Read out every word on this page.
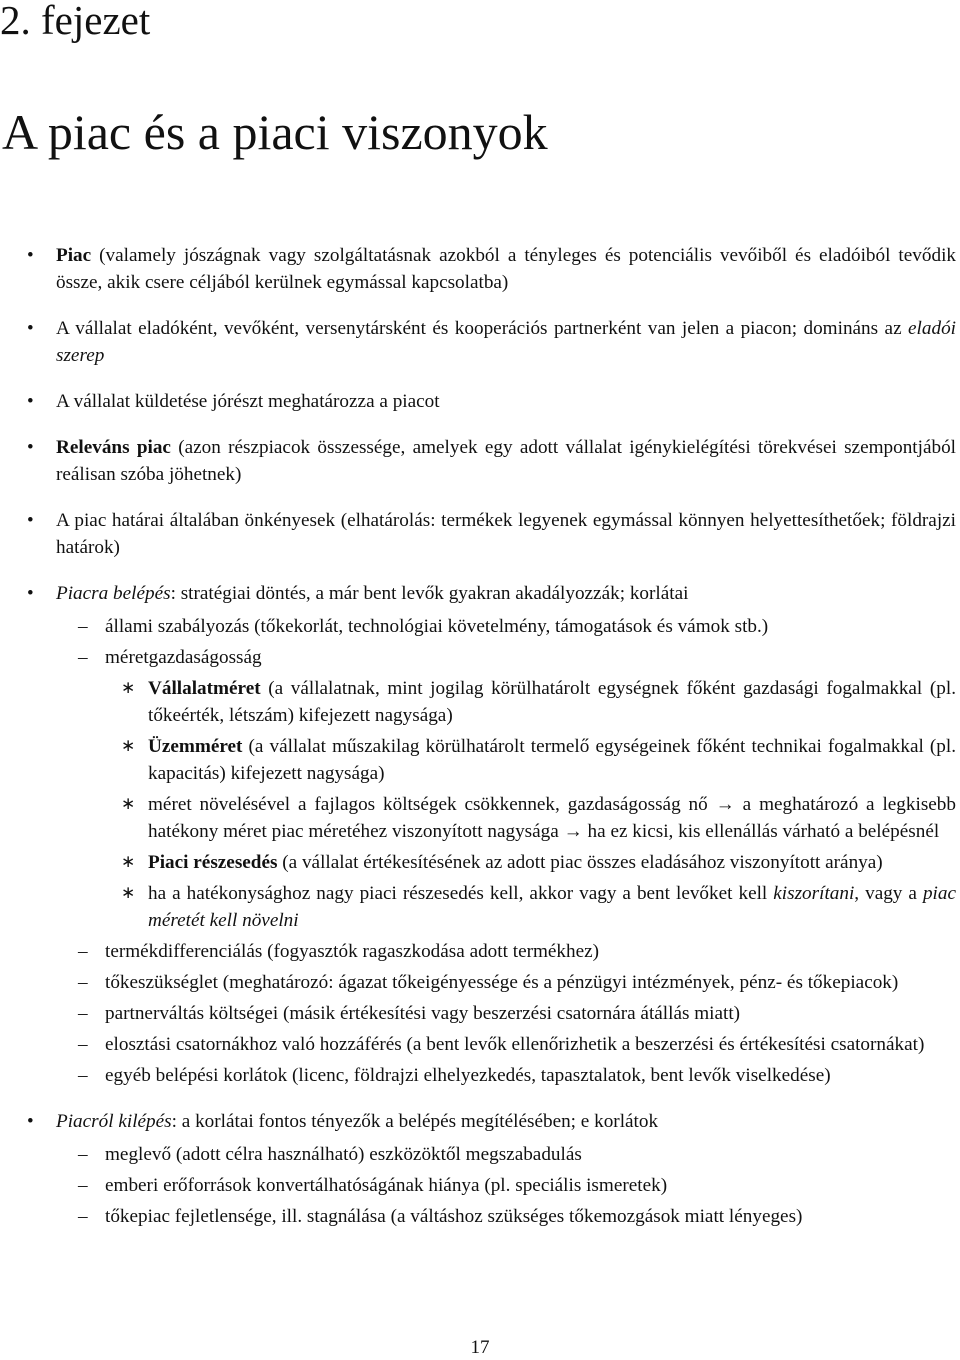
2. fejezet
A piac és a piaci viszonyok
• Piac (valamely jószágnak vagy szolgáltatásnak azokból a tényleges és potenciális vevőiből és eladóiból tevődik össze, akik csere céljából kerülnek egymással kapcsolatba)
• A vállalat eladóként, vevőként, versenytársként és kooperációs partnerként van jelen a piacon; domináns az eladói szerep
• A vállalat küldetése jórészt meghatározza a piacot
• Releváns piac (azon részpiacok összessége, amelyek egy adott vállalat igénykielégítési törekvései szempontjából reálisan szóba jöhetnek)
• A piac határai általában önkényesek (elhatárolás: termékek legyenek egymással könnyen helyettesíthetőek; földrajzi határok)
• Piacra belépés: stratégiai döntés, a már bent levők gyakran akadályozzák; korlátai
– állami szabályozás (tőkekorlát, technológiai követelmény, támogatások és vámok stb.)
– méretgazdaságosság
∗ Vállalatméret (a vállalatnak, mint jogilag körülhatárolt egységnek főként gazdasági fogalmakkal (pl. tőkeérték, létszám) kifejezett nagysága)
∗ Üzemméret (a vállalat műszakilag körülhatárolt termelő egységeinek főként technikai fogalmakkal (pl. kapacitás) kifejezett nagysága)
∗ méret növelésével a fajlagos költségek csökkennek, gazdaságosság nő → a meghatározó a legkisebb hatékony méret piac méretéhez viszonyított nagysága → ha ez kicsi, kis ellenállás várható a belépésnél
∗ Piaci részesedés (a vállalat értékesítésének az adott piac összes eladásához viszonyított aránya)
∗ ha a hatékonysághoz nagy piaci részesedés kell, akkor vagy a bent levőket kell kiszorítani, vagy a piac méretét kell növelni
– termékdifferenciálás (fogyasztók ragaszkodása adott termékhez)
– tőkeszükséglet (meghatározó: ágazat tőkeigényessége és a pénzügyi intézmények, pénz- és tőkepiacok)
– partnerváltás költségei (másik értékesítési vagy beszerzési csatornára átállás miatt)
– elosztási csatornákhoz való hozzáférés (a bent levők ellenőrizhetik a beszerzési és értékesítési csatornákat)
– egyéb belépési korlátok (licenc, földrajzi elhelyezkedés, tapasztalatok, bent levők viselkedése)
• Piacról kilépés: a korlátai fontos tényezők a belépés megítélésében; e korlátok
– meglevő (adott célra használható) eszközöktől megszabadulás
– emberi erőforrások konvertálhatóságának hiánya (pl. speciális ismeretek)
– tőkepiac fejletlensége, ill. stagnálása (a váltáshoz szükséges tőkemozgások miatt lényeges)
17
